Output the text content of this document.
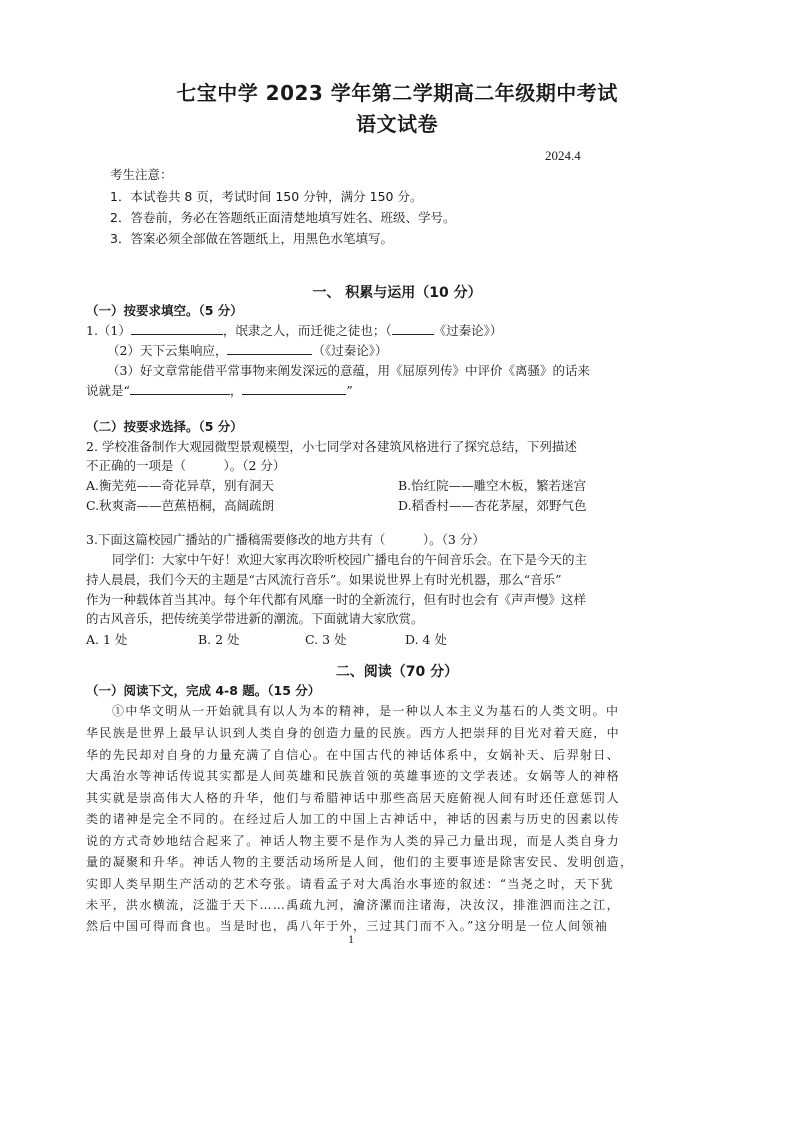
七宝中学 2023 学年第二学期高二年级期中考试
语文试卷
2024.4
考生注意：
1．本试卷共 8 页，考试时间 150 分钟，满分 150 分。
2．答卷前，务必在答题纸正面清楚地填写姓名、班级、学号。
3．答案必须全部做在答题纸上，用黑色水笔填写。
一、 积累与运用（10 分）
（一）按要求填空。（5 分）
1.（1）	，氓隶之人，而迁徙之徒也；（	《过秦论》）
（2）天下云集响应，	（《过秦论》）
（3）好文章常能借平常事物来阐发深远的意蕴，用《屈原列传》中评价《离骚》的话来
说就是“	，	”
（二）按要求选择。（5 分）
2. 学校准备制作大观园微型景观模型，小七同学对各建筑风格进行了探究总结，下列描述
不正确的一项是（　　　）。（2 分）
A.衡芜苑——奇花异草，别有洞天	B.怡红院——雕空木板，繁若迷宫
C.秋爽斋——芭蕉梧桐，高阔疏朗	D.稻香村——杏花茅屋，郊野气色
3.下面这篇校园广播站的广播稿需要修改的地方共有（　　　）。（3 分）
同学们：大家中午好！欢迎大家再次聆听校园广播电台的午间音乐会。在下是今天的主
持人晨晨，我们今天的主题是“古风流行音乐”。如果说世界上有时光机器，那么“音乐”
作为一种载体首当其冲。每个年代都有风靡一时的全新流行，但有时也会有《声声慢》这样
的古风音乐，把传统美学带进新的潮流。下面就请大家欣赏。
A. 1 处	B. 2 处	C. 3 处	D. 4 处
二、阅读（70 分）
（一）阅读下文，完成 4-8 题。（15 分）
①中华文明从一开始就具有以人为本的精神，是一种以人本主义为基石的人类文明。中
华民族是世界上最早认识到人类自身的创造力量的民族。西方人把崇拜的目光对着天庭，中
华的先民却对自身的力量充满了自信心。在中国古代的神话体系中，女娲补天、后羿射日、
大禹治水等神话传说其实都是人间英雄和民族首领的英雄事迹的文学表述。女娲等人的神格
其实就是崇高伟大人格的升华，他们与希腊神话中那些高居天庭俯视人间有时还任意惩罚人
类的诸神是完全不同的。在经过后人加工的中国上古神话中，神话的因素与历史的因素以传
说的方式奇妙地结合起来了。神话人物主要不是作为人类的异己力量出现，而是人类自身力
量的凝聚和升华。神话人物的主要活动场所是人间，他们的主要事迹是除害安民、发明创造，
实即人类早期生产活动的艺术夸张。请看孟子对大禹治水事迹的叙述：“当尧之时，天下犹
未平，洪水横流，泛滥于天下……禹疏九河，瀹济漯而注诸海，决汝汉，排淮泗而注之江，
然后中国可得而食也。当是时也，禹八年于外，三过其门而不入。”这分明是一位人间领袖
1
